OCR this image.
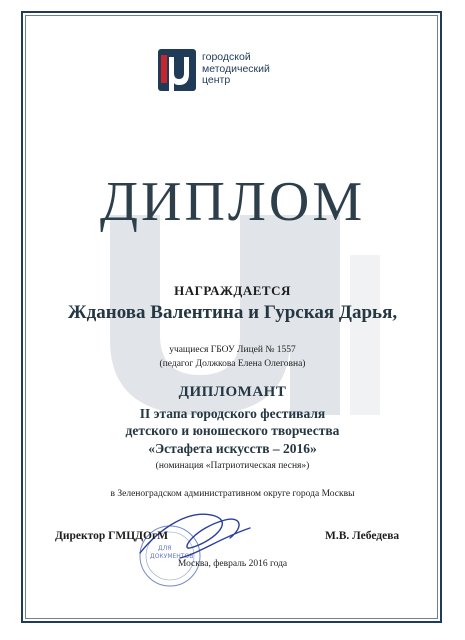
городской
методический
центр
ДИПЛОМ
НАГРАЖДАЕТСЯ
Жданова Валентина и Гурская Дарья,
учащиеся ГБОУ Лицей № 1557
(педагог Должкова Елена Олеговна)
ДИПЛОМАНТ
II этапа городского фестиваля
детского и юношеского творчества
«Эстафета искусств – 2016»
(номинация «Патриотическая песня»)
в Зеленоградском административном округе города Москвы
ДЛЯ
ДОКУМЕНТОВ
Директор ГМЦДОгМ	М.В. Лебедева
Москва, февраль 2016 года
